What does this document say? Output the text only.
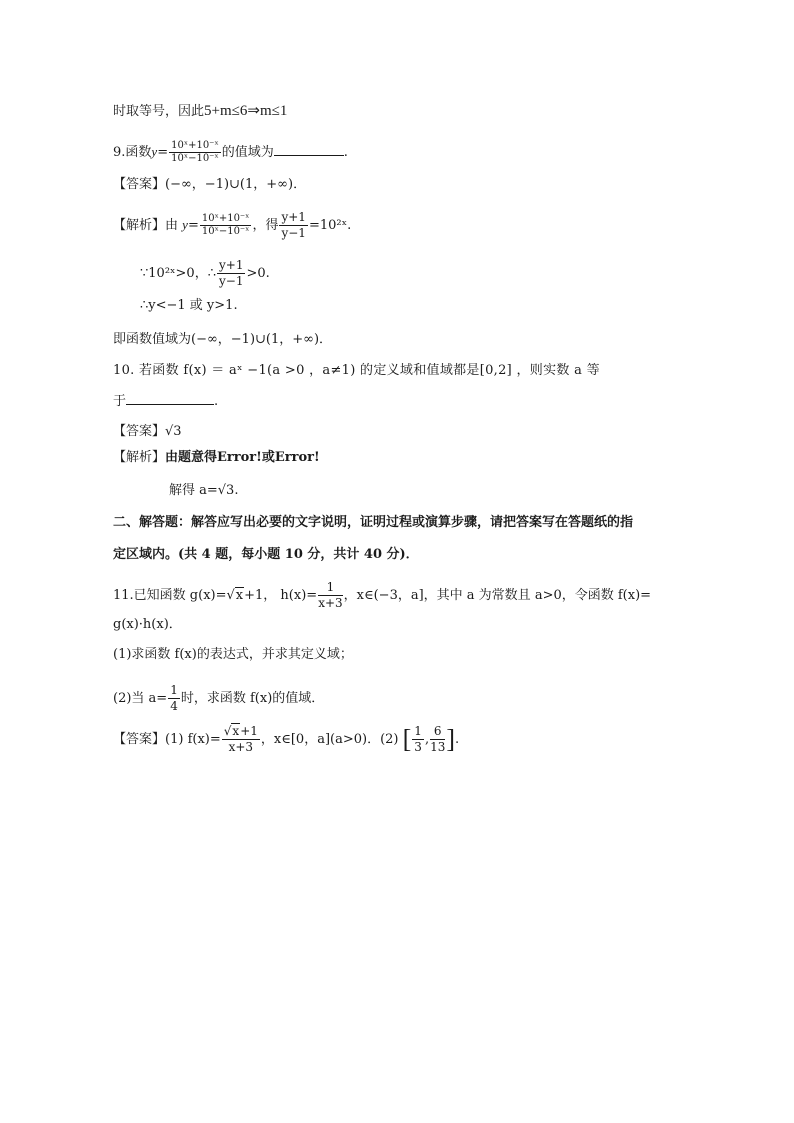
时取等号，因此5+m≤6⇒m≤1
9.函数$y= \frac{\text{10ˣ+10⁻ˣ}}{\text{10ˣ−10⁻ˣ}}$ 的值域为	.
【答案】(−∞，−1)∪(1，+∞)．
【解析】由 $y= \frac{\text{10ˣ+10⁻ˣ}}{\text{10ˣ−10⁻ˣ}}$ ，得 $\frac{y+1}{y-1}$ =10²ˣ.
∵10²ˣ>0，∴ $\frac{y+1}{y-1} >0$.
∴y<−1 或 y>1.
即函数值域为(−∞，−1)∪(1，+∞)．
10. 若函数 f(x) ＝ aˣ −1(a >0 ，a≠1) 的定义域和值域都是[0,2] ，则实数 a 等
于	.
【答案】√3
【解析】由题意得Error!或Error!
解得 a=√3.
二、解答题：解答应写出必要的文字说明，证明过程或演算步骤，请把答案写在答题纸的指
定区域内。(共 4 题，每小题 10 分，共计 40 分)．
11.已知函数 g(x)=√x+1， $h(x)= \frac{1}{x+3}$ ，x∈(−3，a]，其中 a 为常数且 a>0，令函数 f(x)=
g(x)·h(x)．
(1)求函数 f(x)的表达式，并求其定义域；
(2)当 $a= \frac{1}{4}$ 时，求函数 f(x)的值域．
【答案】(1) $f(x)= \frac{√x+1}{x+3}$ ，x∈[0，a](a>0)．(2) [ $\frac{1}{3}$ , $\frac{6}{13}$ ].
